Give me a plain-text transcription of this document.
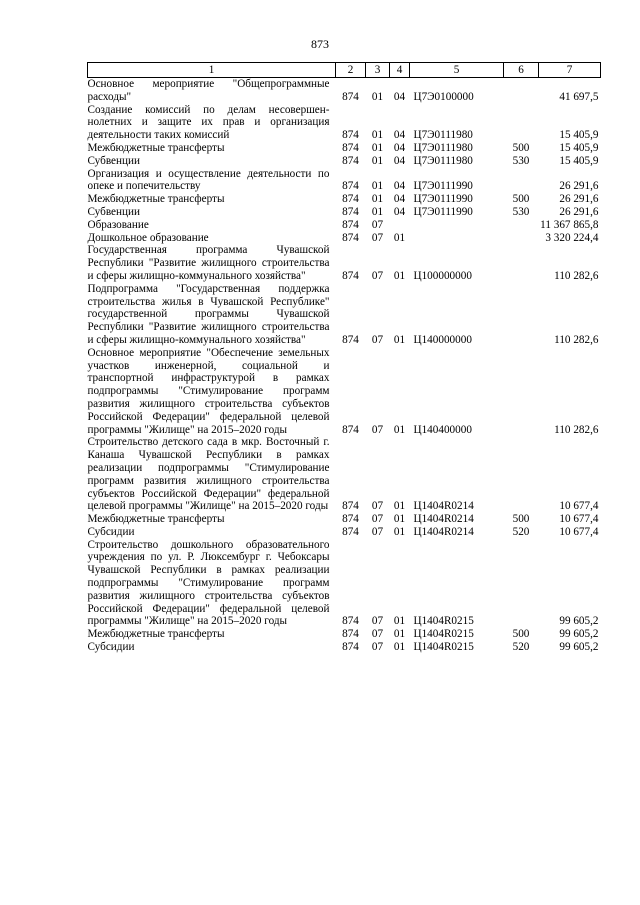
873
1	2	3	4	5	6	7
Основное мероприятие "Общепрограммные расходы"	874	01	04	Ц7Э0100000		41 697,5
Создание комиссий по делам несовершеннолетних и защите их прав и организация деятельности таких комиссий	874	01	04	Ц7Э0111980		15 405,9
Межбюджетные трансферты	874	01	04	Ц7Э0111980	500	15 405,9
Субвенции	874	01	04	Ц7Э0111980	530	15 405,9
Организация и осуществление деятельности по опеке и попечительству	874	01	04	Ц7Э0111990		26 291,6
Межбюджетные трансферты	874	01	04	Ц7Э0111990	500	26 291,6
Субвенции	874	01	04	Ц7Э0111990	530	26 291,6
Образование	874	07				11 367 865,8
Дошкольное образование	874	07	01			3 320 224,4
Государственная программа Чувашской Республики "Развитие жилищного строительства и сферы жилищно-коммунального хозяйства"	874	07	01	Ц100000000		110 282,6
Подпрограмма "Государственная поддержка строительства жилья в Чувашской Республике" государственной программы Чувашской Республики "Развитие жилищного строительства и сферы жилищно-коммунального хозяйства"	874	07	01	Ц140000000		110 282,6
Основное мероприятие "Обеспечение земельных участков инженерной, социальной и транспортной инфраструктурой в рамках подпрограммы "Стимулирование программ развития жилищного строительства субъектов Российской Федерации" федеральной целевой программы "Жилище" на 2015–2020 годы	874	07	01	Ц140400000		110 282,6
Строительство детского сада в мкр. Восточный г. Канаша Чувашской Республики в рамках реализации подпрограммы "Стимулирование программ развития жилищного строительства субъектов Российской Федерации" федеральной целевой программы "Жилище" на 2015–2020 годы	874	07	01	Ц1404R0214		10 677,4
Межбюджетные трансферты	874	07	01	Ц1404R0214	500	10 677,4
Субсидии	874	07	01	Ц1404R0214	520	10 677,4
Строительство дошкольного образовательного учреждения по ул. Р. Люксембург г. Чебоксары Чувашской Республики в рамках реализации подпрограммы "Стимулирование программ развития жилищного строительства субъектов Российской Федерации" федеральной целевой программы "Жилище" на 2015–2020 годы	874	07	01	Ц1404R0215		99 605,2
Межбюджетные трансферты	874	07	01	Ц1404R0215	500	99 605,2
Субсидии	874	07	01	Ц1404R0215	520	99 605,2
